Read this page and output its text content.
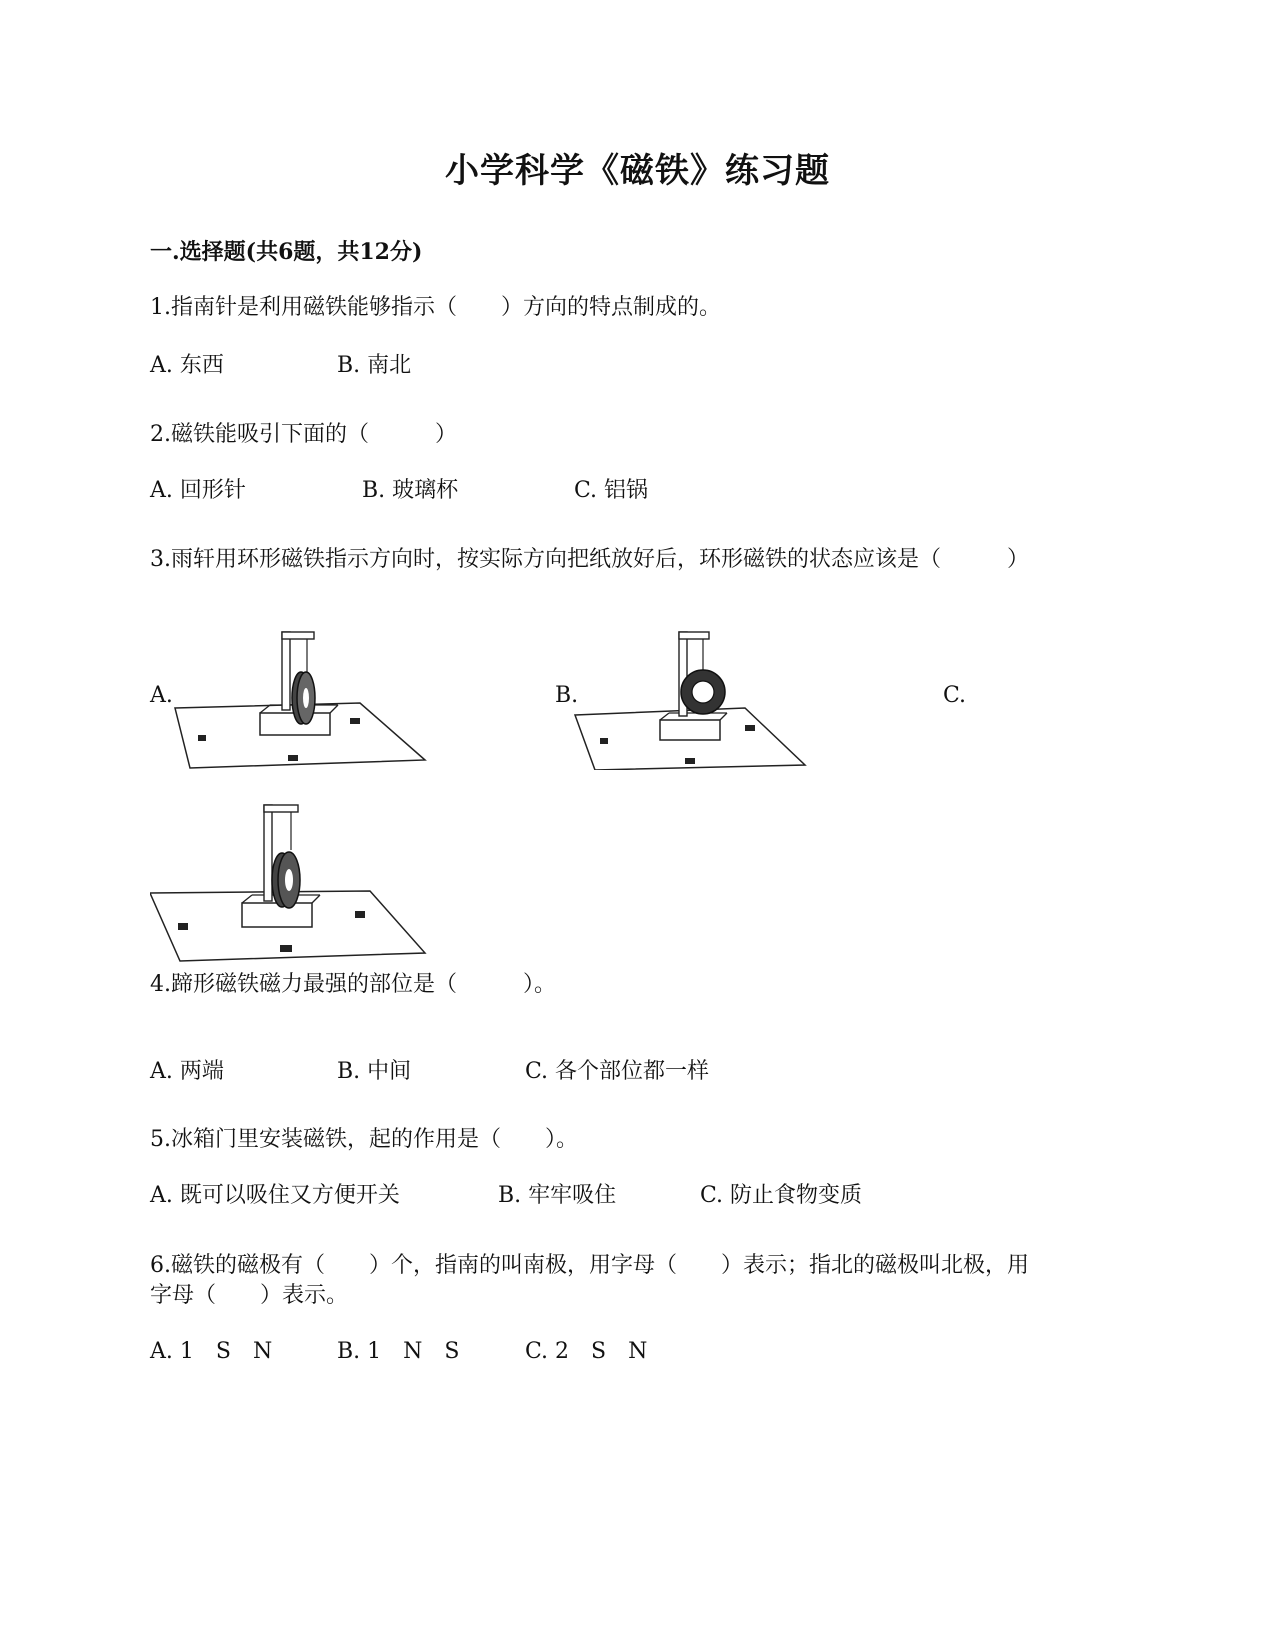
小学科学《磁铁》练习题
一.选择题(共6题，共12分)
1.指南针是利用磁铁能够指示（　　）方向的特点制成的。
A. 东西	B. 南北
2.磁铁能吸引下面的（　　　）
A. 回形针	B. 玻璃杯	C. 铝锅
3.雨轩用环形磁铁指示方向时，按实际方向把纸放好后，环形磁铁的状态应该是（　　　）
A.	B.	C.
4.蹄形磁铁磁力最强的部位是（　　　）。
A. 两端	B. 中间	C. 各个部位都一样
5.冰箱门里安装磁铁，起的作用是（　　）。
A. 既可以吸住又方便开关	B. 牢牢吸住	C. 防止食物变质
6.磁铁的磁极有（　　）个，指南的叫南极，用字母（　　）表示；指北的磁极叫北极，用
字母（　　）表示。
A. 1　S　N	B. 1　N　S	C. 2　S　N
